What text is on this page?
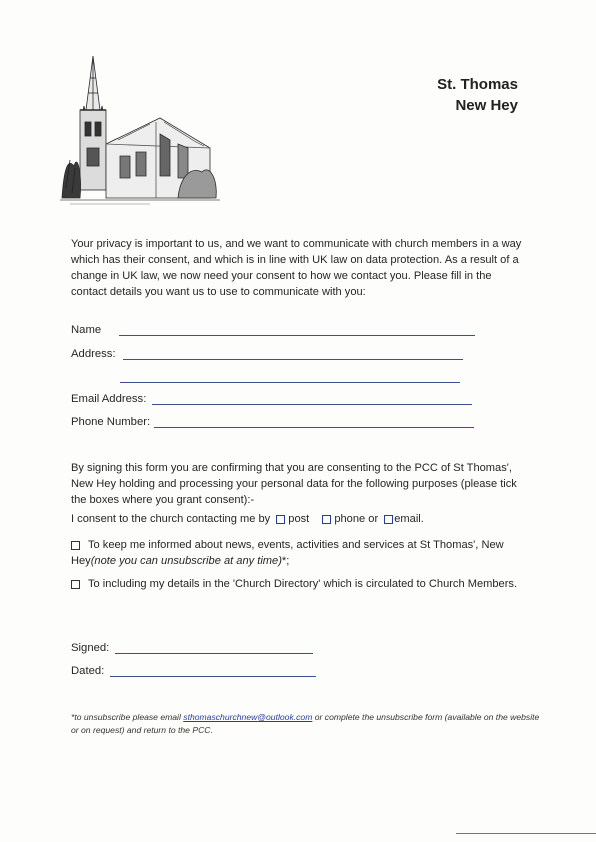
St. Thomas
New Hey
Your privacy is important to us, and we want to communicate with church members in a way which has their consent, and which is in line with UK law on data protection. As a result of a change in UK law, we now need your consent to how we contact you. Please fill in the contact details you want us to use to communicate with you:
Name
Address:
Email Address:
Phone Number:
By signing this form you are confirming that you are consenting to the PCC of St Thomas', New Hey holding and processing your personal data for the following purposes (please tick the boxes where you grant consent):-
I consent to the church contacting me by post phone or email.
To keep me informed about news, events, activities and services at St Thomas', New Hey(note you can unsubscribe at any time)*;
To including my details in the 'Church Directory' which is circulated to Church Members.
Signed:
Dated:
*to unsubscribe please email sthomaschurchnew@outlook.com or complete the unsubscribe form (available on the website or on request) and return to the PCC.
